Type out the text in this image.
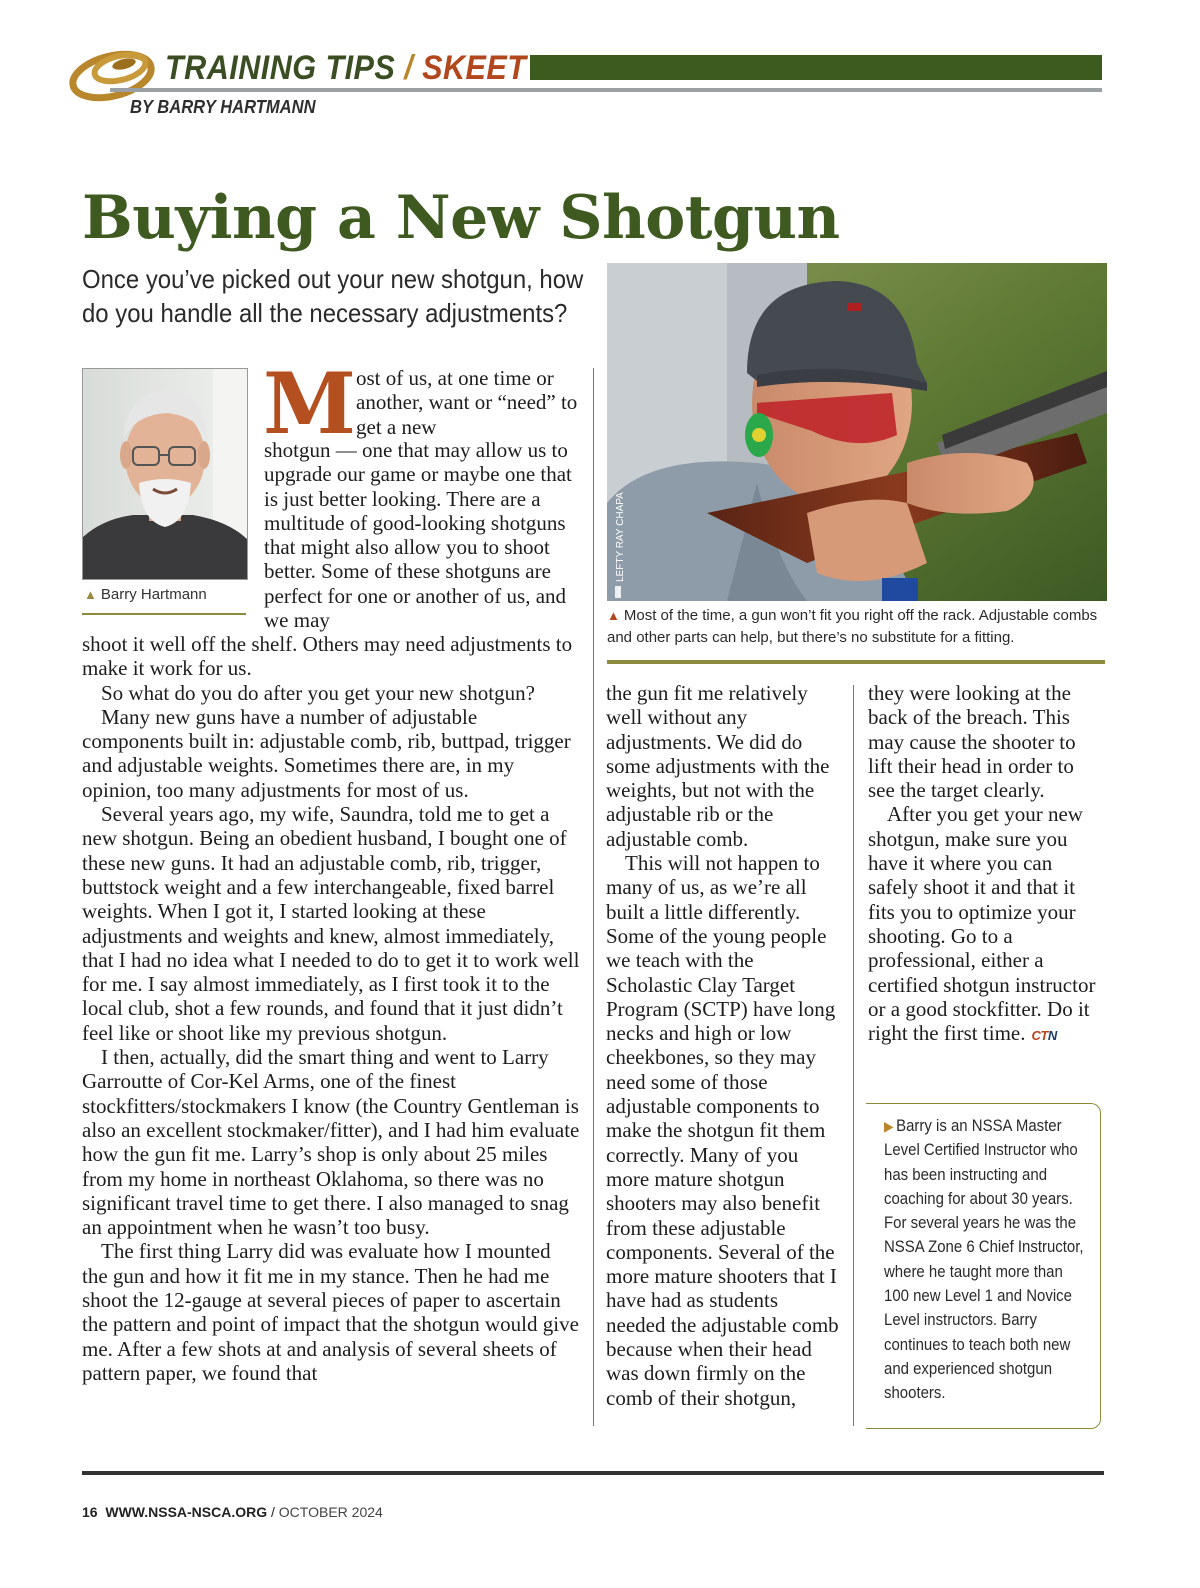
TRAINING TIPS / SKEET
BY BARRY HARTMANN
Buying a New Shotgun
Once you’ve picked out your new shotgun, how do you handle all the necessary adjustments?
▲ Barry Hartmann
M ost of us, at one time or another, want or “need” to get a new
shotgun — one that may allow us to upgrade our game or maybe one that is just better looking. There are a multitude of good-looking shotguns that might also allow you to shoot better. Some of these shotguns are perfect for one or another of us, and we may

shoot it well off the shelf. Others may need adjustments to make it work for us.

So what do you do after you get your new shotgun?

Many new guns have a number of adjustable components built in: adjustable comb, rib, buttpad, trigger and adjustable weights. Sometimes there are, in my opinion, too many adjustments for most of us.

Several years ago, my wife, Saundra, told me to get a new shotgun. Being an obedient husband, I bought one of these new guns. It had an adjustable comb, rib, trigger, buttstock weight and a few interchangeable, fixed barrel weights. When I got it, I started looking at these adjustments and weights and knew, almost immediately, that I had no idea what I needed to do to get it to work well for me. I say almost immediately, as I first took it to the local club, shot a few rounds, and found that it just didn’t feel like or shoot like my previous shotgun.

I then, actually, did the smart thing and went to Larry Garroutte of Cor-Kel Arms, one of the finest stockfitters/stockmakers I know (the Country Gentleman is also an excellent stockmaker/fitter), and I had him evaluate how the gun fit me. Larry’s shop is only about 25 miles from my home in northeast Oklahoma, so there was no significant travel time to get there. I also managed to snag an appointment when he wasn’t too busy.

The first thing Larry did was evaluate how I mounted the gun and how it fit me in my stance. Then he had me shoot the 12-gauge at several pieces of paper to ascertain the pattern and point of impact that the shotgun would give me. After a few shots at and analysis of several sheets of pattern paper, we found that

LEFTY RAY CHAPA
▲ Most of the time, a gun won’t fit you right off the rack. Adjustable combs and other parts can help, but there’s no substitute for a fitting.

the gun fit me relatively well without any adjustments. We did do some adjustments with the weights, but not with the adjustable rib or the adjustable comb.

This will not happen to many of us, as we’re all built a little differently. Some of the young people we teach with the Scholastic Clay Target Program (SCTP) have long necks and high or low cheekbones, so they may need some of those adjustable components to make the shotgun fit them correctly. Many of you more mature shotgun shooters may also benefit from these adjustable components. Several of the more mature shooters that I have had as students needed the adjustable comb because when their head was down firmly on the comb of their shotgun,

they were looking at the back of the breach. This may cause the shooter to lift their head in order to see the target clearly.

After you get your new shotgun, make sure you have it where you can safely shoot it and that it fits you to optimize your shooting. Go to a professional, either a certified shotgun instructor or a good stockfitter. Do it right the first time. CTN

▶ Barry is an NSSA Master Level Certified Instructor who has been instructing and coaching for about 30 years. For several years he was the NSSA Zone 6 Chief Instructor, where he taught more than 100 new Level 1 and Novice Level instructors. Barry continues to teach both new and experienced shotgun shooters.
16 WWW.NSSA-NSCA.ORG / OCTOBER 2024
